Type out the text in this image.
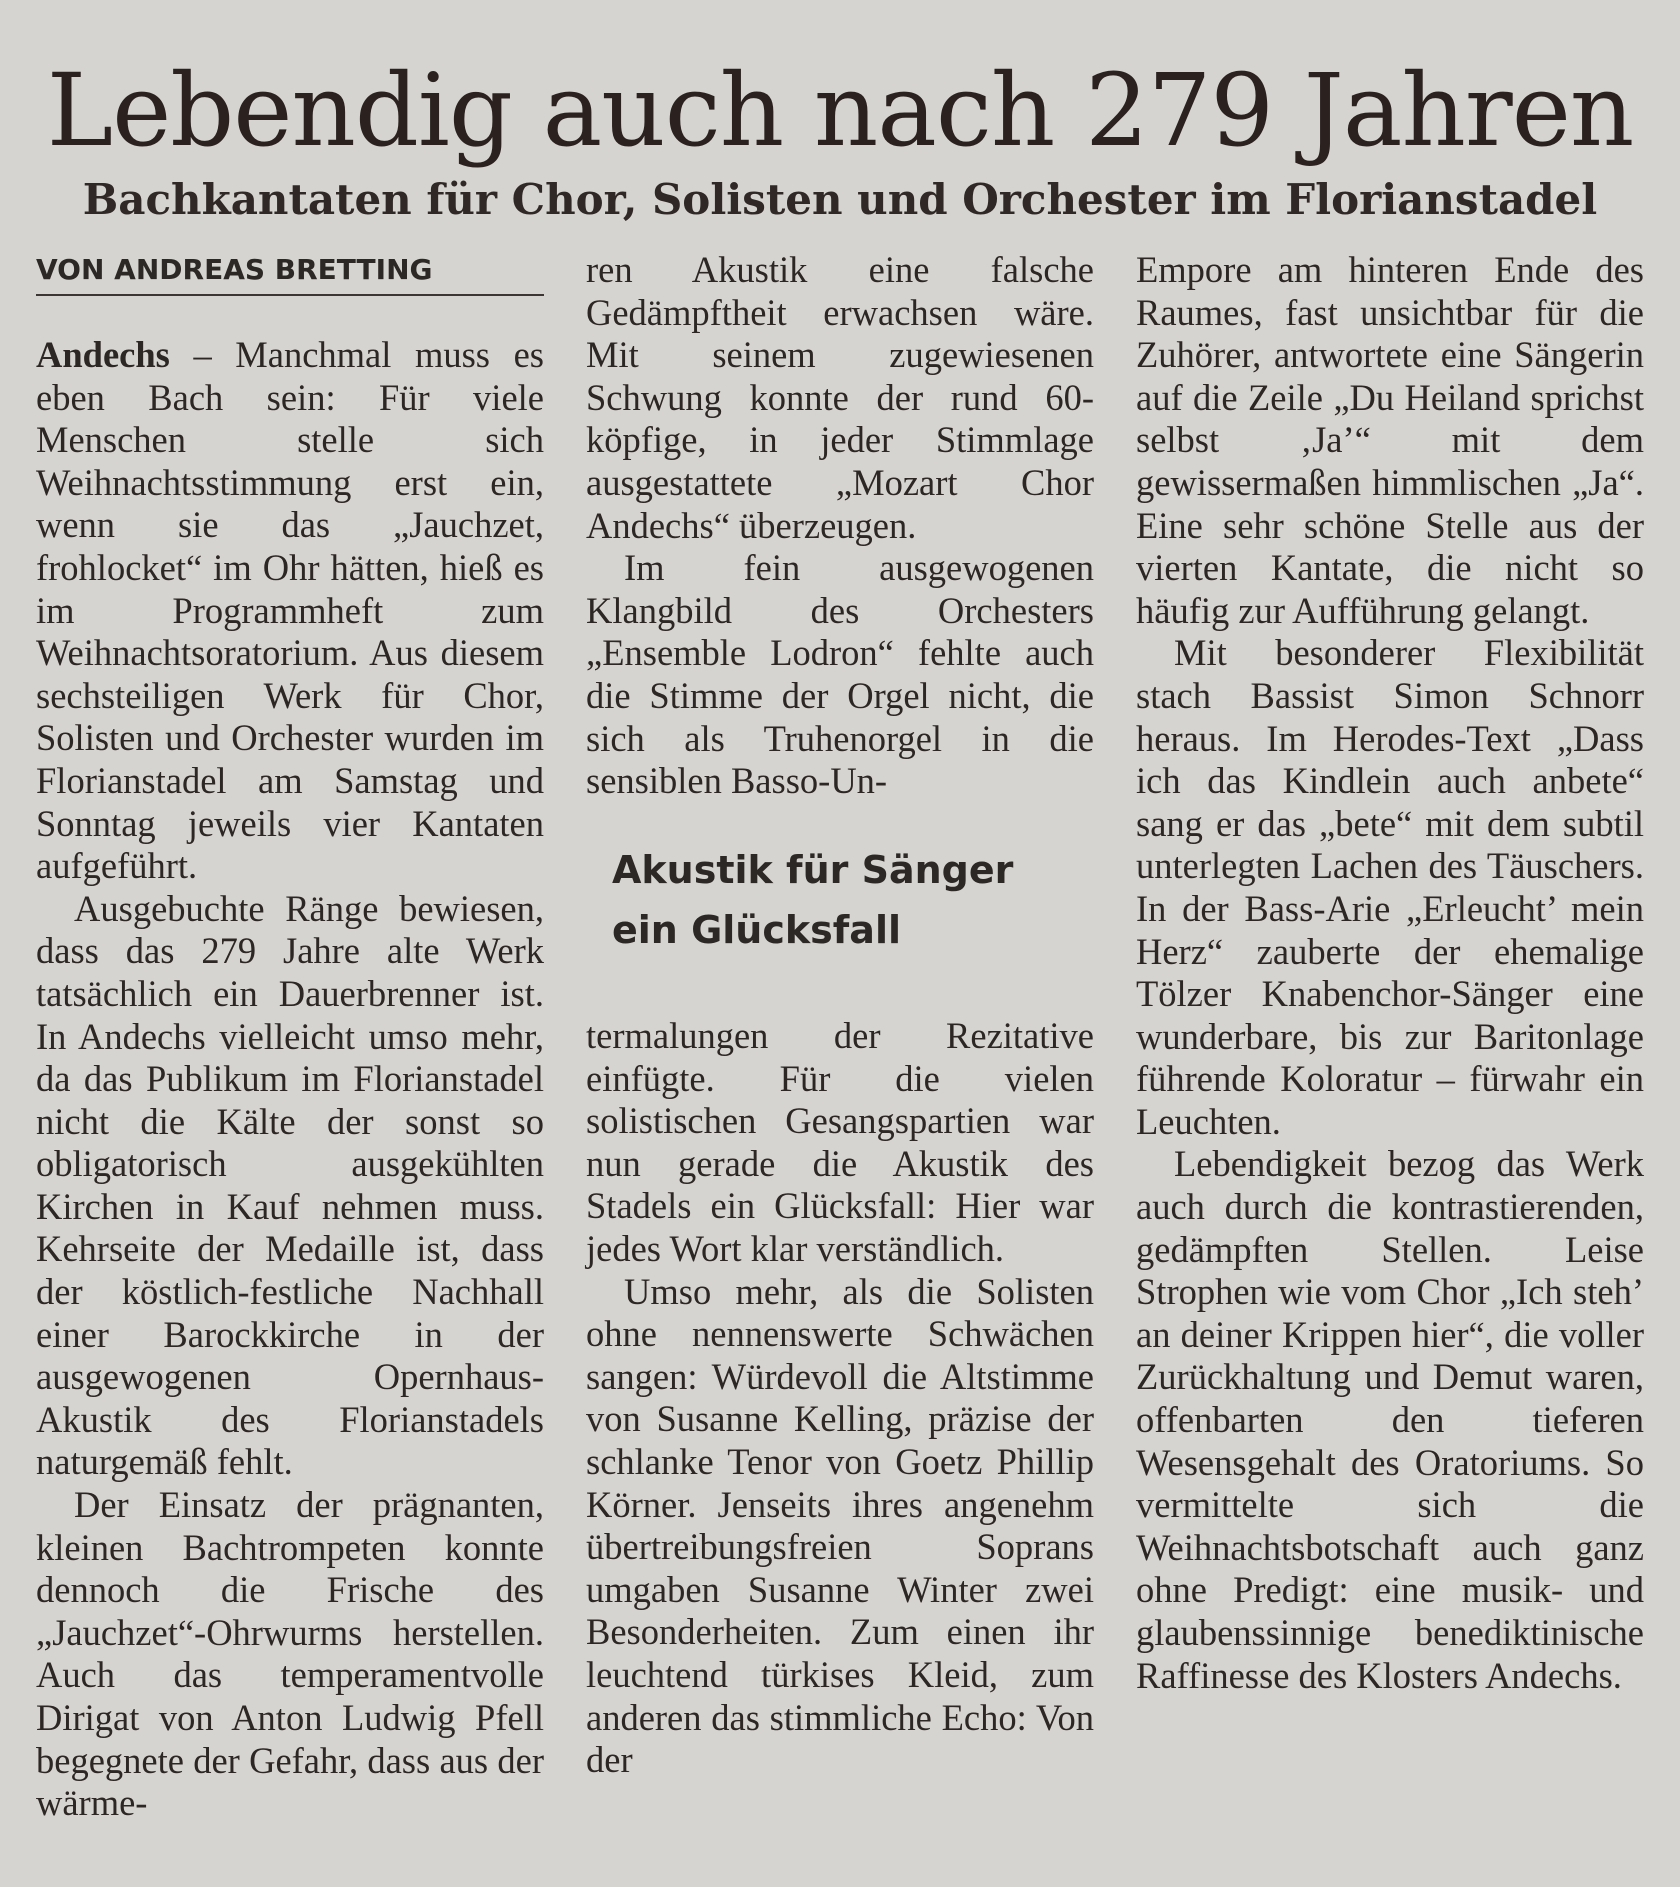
Lebendig auch nach 279 Jahren
Bachkantaten für Chor, Solisten und Orchester im Florianstadel
VON ANDREAS BRETTING

Andechs – Manchmal muss es eben Bach sein: Für viele Menschen stelle sich Weihnachtsstimmung erst ein, wenn sie das „Jauchzet, frohlocket“ im Ohr hätten, hieß es im Programmheft zum Weihnachtsoratorium. Aus diesem sechsteiligen Werk für Chor, Solisten und Orchester wurden im Florianstadel am Samstag und Sonntag jeweils vier Kantaten aufgeführt.

Ausgebuchte Ränge bewiesen, dass das 279 Jahre alte Werk tatsächlich ein Dauerbrenner ist. In Andechs vielleicht umso mehr, da das Publikum im Florianstadel nicht die Kälte der sonst so obligatorisch ausgekühlten Kirchen in Kauf nehmen muss. Kehrseite der Medaille ist, dass der köstlich-festliche Nachhall einer Barockkirche in der ausgewogenen Opernhaus-Akustik des Florianstadels naturgemäß fehlt.

Der Einsatz der prägnanten, kleinen Bachtrompeten konnte dennoch die Frische des „Jauchzet“-Ohrwurms herstellen. Auch das temperamentvolle Dirigat von Anton Ludwig Pfell begegnete der Gefahr, dass aus der wärme-

ren Akustik eine falsche Gedämpftheit erwachsen wäre. Mit seinem zugewiesenen Schwung konnte der rund 60-köpfige, in jeder Stimmlage ausgestattete „Mozart Chor Andechs“ überzeugen.

Im fein ausgewogenen Klangbild des Orchesters „Ensemble Lodron“ fehlte auch die Stimme der Orgel nicht, die sich als Truhenorgel in die sensiblen Basso-Un-

Akustik für Sänger ein Glücksfall

termalungen der Rezitative einfügte. Für die vielen solistischen Gesangspartien war nun gerade die Akustik des Stadels ein Glücksfall: Hier war jedes Wort klar verständlich.

Umso mehr, als die Solisten ohne nennenswerte Schwächen sangen: Würdevoll die Altstimme von Susanne Kelling, präzise der schlanke Tenor von Goetz Phillip Körner. Jenseits ihres angenehm übertreibungsfreien Soprans umgaben Susanne Winter zwei Besonderheiten. Zum einen ihr leuchtend türkises Kleid, zum anderen das stimmliche Echo: Von der

Empore am hinteren Ende des Raumes, fast unsichtbar für die Zuhörer, antwortete eine Sängerin auf die Zeile „Du Heiland sprichst selbst ‚Ja’“ mit dem gewissermaßen himmlischen „Ja“. Eine sehr schöne Stelle aus der vierten Kantate, die nicht so häufig zur Aufführung gelangt.

Mit besonderer Flexibilität stach Bassist Simon Schnorr heraus. Im Herodes-Text „Dass ich das Kindlein auch anbete“ sang er das „bete“ mit dem subtil unterlegten Lachen des Täuschers. In der Bass-Arie „Erleucht’ mein Herz“ zauberte der ehemalige Tölzer Knabenchor-Sänger eine wunderbare, bis zur Baritonlage führende Koloratur – fürwahr ein Leuchten.

Lebendigkeit bezog das Werk auch durch die kontrastierenden, gedämpften Stellen. Leise Strophen wie vom Chor „Ich steh’ an deiner Krippen hier“, die voller Zurückhaltung und Demut waren, offenbarten den tieferen Wesensgehalt des Oratoriums. So vermittelte sich die Weihnachtsbotschaft auch ganz ohne Predigt: eine musik- und glaubenssinnige benediktinische Raffinesse des Klosters Andechs.
